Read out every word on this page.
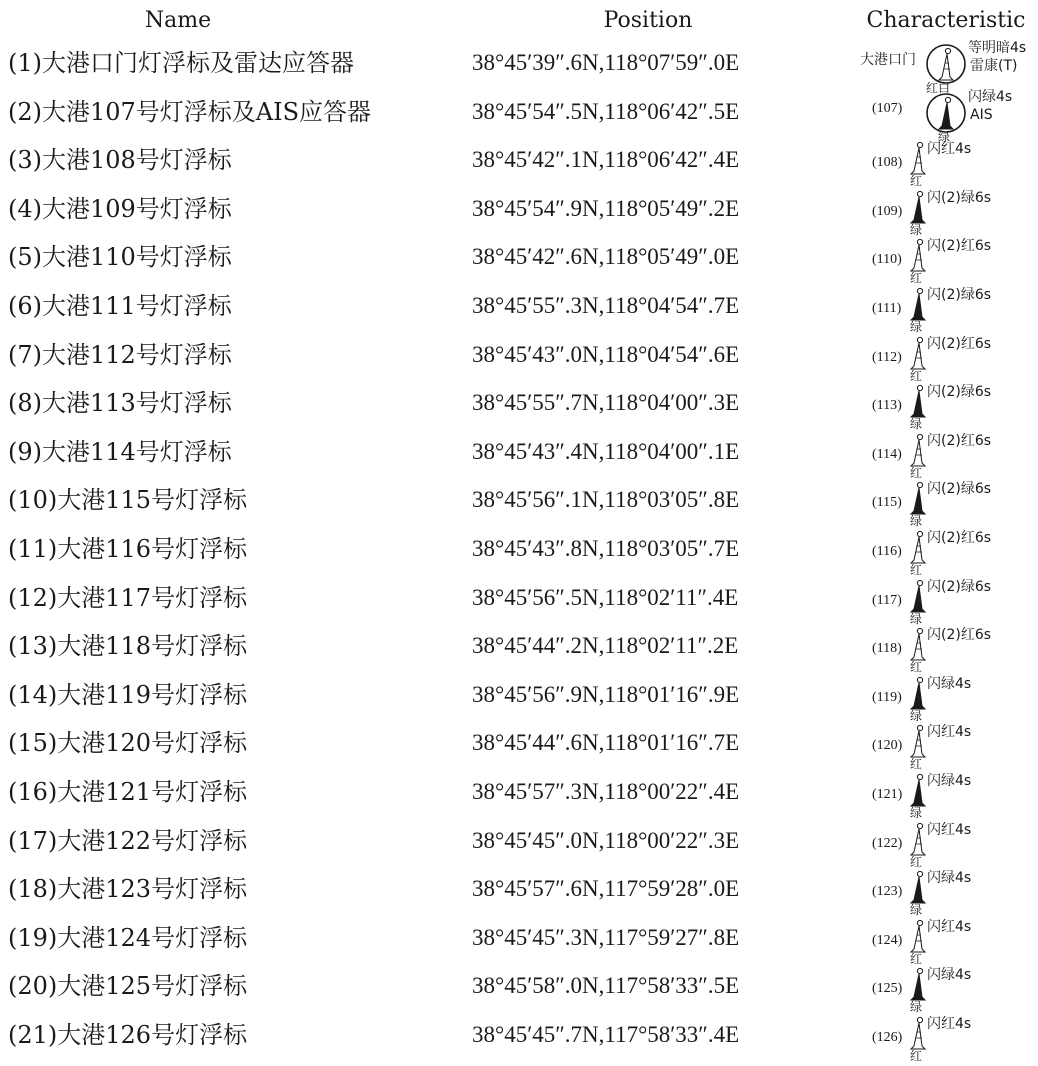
Name	Position	Characteristic
(1)大港口门灯浮标及雷达应答器	38°45′39″.6N,118°07′59″.0E	大港口门
等明暗4s
雷康(T)
红白
(2)大港107号灯浮标及AIS应答器	38°45′54″.5N,118°06′42″.5E	(107)
闪绿4s
AIS
绿
(3)大港108号灯浮标	38°45′42″.1N,118°06′42″.4E	(108)
闪红4s
红
(4)大港109号灯浮标	38°45′54″.9N,118°05′49″.2E	(109)
闪(2)绿6s
绿
(5)大港110号灯浮标	38°45′42″.6N,118°05′49″.0E	(110)
闪(2)红6s
红
(6)大港111号灯浮标	38°45′55″.3N,118°04′54″.7E	(111)
闪(2)绿6s
绿
(7)大港112号灯浮标	38°45′43″.0N,118°04′54″.6E	(112)
闪(2)红6s
红
(8)大港113号灯浮标	38°45′55″.7N,118°04′00″.3E	(113)
闪(2)绿6s
绿
(9)大港114号灯浮标	38°45′43″.4N,118°04′00″.1E	(114)
闪(2)红6s
红
(10)大港115号灯浮标	38°45′56″.1N,118°03′05″.8E	(115)
闪(2)绿6s
绿
(11)大港116号灯浮标	38°45′43″.8N,118°03′05″.7E	(116)
闪(2)红6s
红
(12)大港117号灯浮标	38°45′56″.5N,118°02′11″.4E	(117)
闪(2)绿6s
绿
(13)大港118号灯浮标	38°45′44″.2N,118°02′11″.2E	(118)
闪(2)红6s
红
(14)大港119号灯浮标	38°45′56″.9N,118°01′16″.9E	(119)
闪绿4s
绿
(15)大港120号灯浮标	38°45′44″.6N,118°01′16″.7E	(120)
闪红4s
红
(16)大港121号灯浮标	38°45′57″.3N,118°00′22″.4E	(121)
闪绿4s
绿
(17)大港122号灯浮标	38°45′45″.0N,118°00′22″.3E	(122)
闪红4s
红
(18)大港123号灯浮标	38°45′57″.6N,117°59′28″.0E	(123)
闪绿4s
绿
(19)大港124号灯浮标	38°45′45″.3N,117°59′27″.8E	(124)
闪红4s
红
(20)大港125号灯浮标	38°45′58″.0N,117°58′33″.5E	(125)
闪绿4s
绿
(21)大港126号灯浮标	38°45′45″.7N,117°58′33″.4E	(126)
闪红4s
红
